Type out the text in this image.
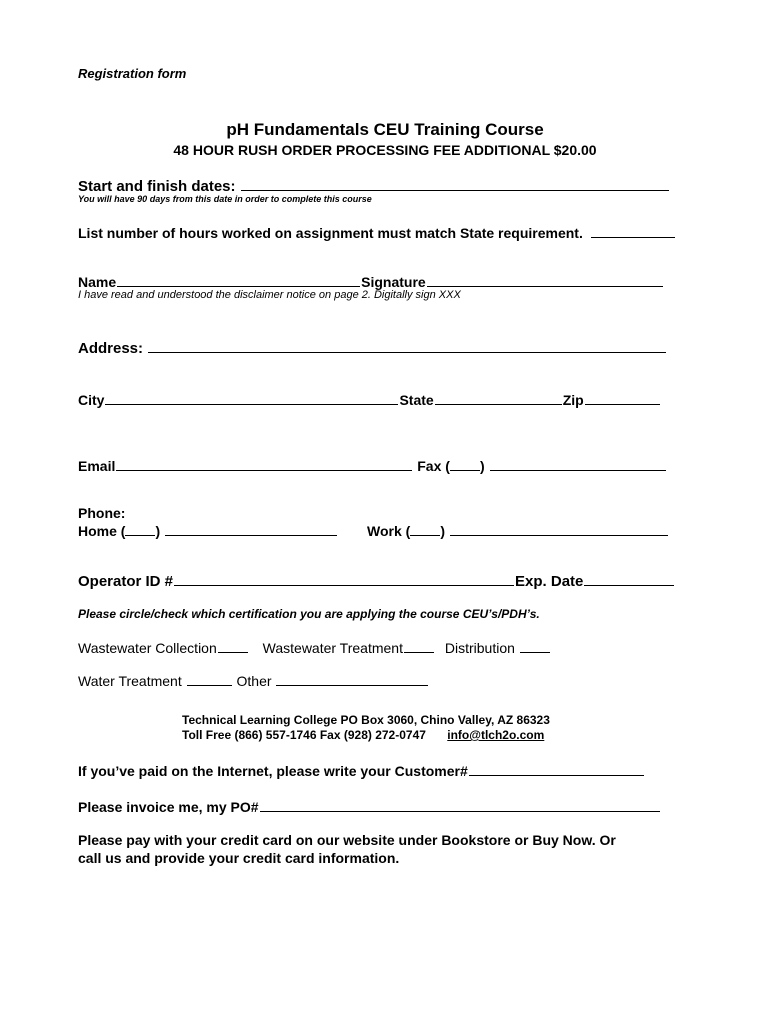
Registration form
pH Fundamentals CEU Training Course
48 HOUR RUSH ORDER PROCESSING FEE ADDITIONAL $20.00
Start and finish dates:
You will have 90 days from this date in order to complete this course
List number of hours worked on assignment must match State requirement.
Name	Signature
I have read and understood the disclaimer notice on page 2. Digitally sign XXX
Address:
City	State	Zip
Email	Fax ( )
Phone:
Home ( )	Work ( )
Operator ID #	Exp. Date
Please circle/check which certification you are applying the course CEU’s/PDH’s.
Wastewater Collection	Wastewater Treatment	Distribution
Water Treatment	Other
Technical Learning College PO Box 3060, Chino Valley, AZ 86323
Toll Free (866) 557-1746 Fax (928) 272-0747 info@tlch2o.com
If you’ve paid on the Internet, please write your Customer#
Please invoice me, my PO#
Please pay with your credit card on our website under Bookstore or Buy Now. Or
call us and provide your credit card information.
